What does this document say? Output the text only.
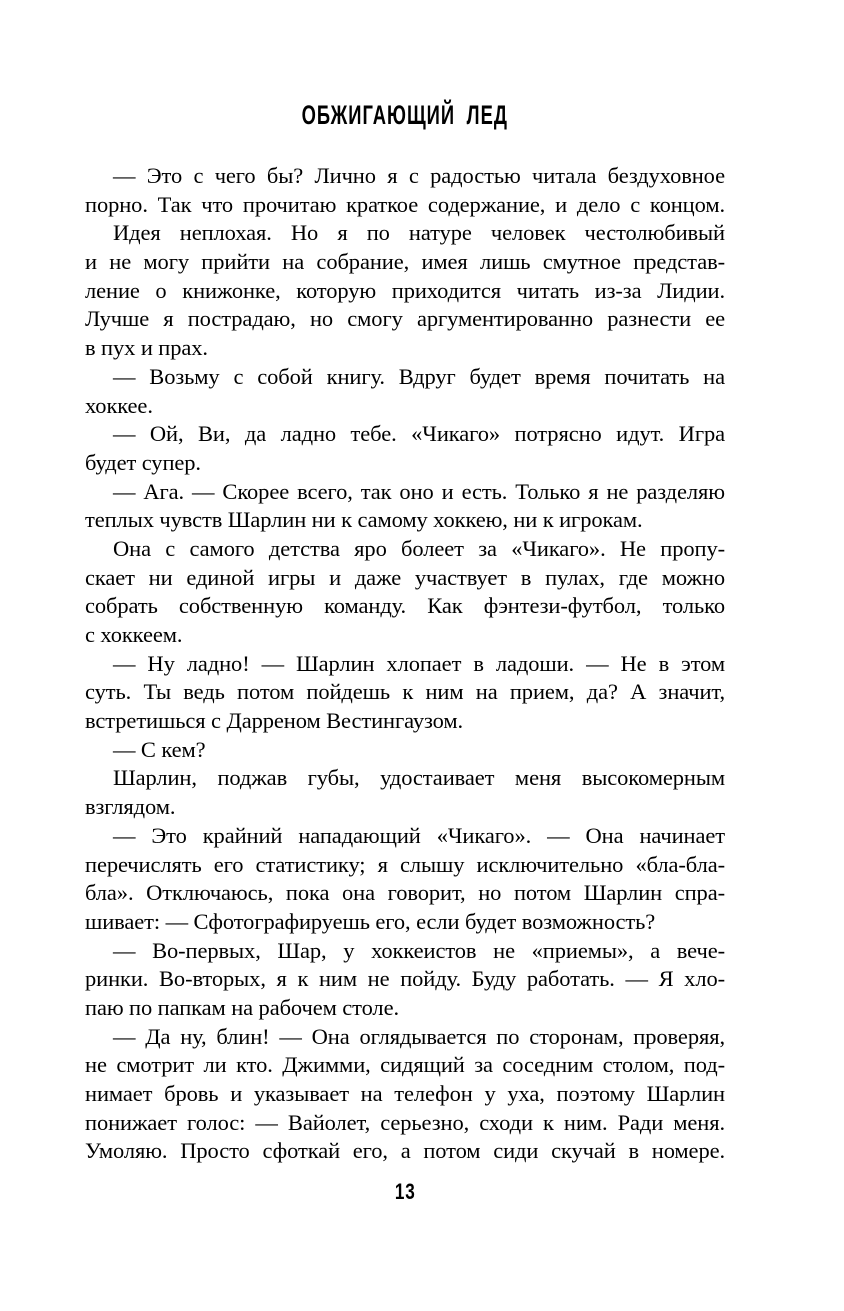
ОБЖИГАЮЩИЙ ЛЕД
— Это с чего бы? Лично я с радостью читала бездуховное
порно. Так что прочитаю краткое содержание, и дело с концом.
Идея неплохая. Но я по натуре человек честолюбивый
и не могу прийти на собрание, имея лишь смутное представ-
ление о книжонке, которую приходится читать из-за Лидии.
Лучше я пострадаю, но смогу аргументированно разнести ее
в пух и прах.
— Возьму с собой книгу. Вдруг будет время почитать на
хоккее.
— Ой, Ви, да ладно тебе. «Чикаго» потрясно идут. Игра
будет супер.
— Ага. — Скорее всего, так оно и есть. Только я не разделяю
теплых чувств Шарлин ни к самому хоккею, ни к игрокам.
Она с самого детства яро болеет за «Чикаго». Не пропу-
скает ни единой игры и даже участвует в пулах, где можно
собрать собственную команду. Как фэнтези-футбол, только
с хоккеем.
— Ну ладно! — Шарлин хлопает в ладоши. — Не в этом
суть. Ты ведь потом пойдешь к ним на прием, да? А значит,
встретишься с Дарреном Вестингаузом.
— С кем?
Шарлин, поджав губы, удостаивает меня высокомерным
взглядом.
— Это крайний нападающий «Чикаго». — Она начинает
перечислять его статистику; я слышу исключительно «бла-бла-
бла». Отключаюсь, пока она говорит, но потом Шарлин спра-
шивает: — Сфотографируешь его, если будет возможность?
— Во-первых, Шар, у хоккеистов не «приемы», а вече-
ринки. Во-вторых, я к ним не пойду. Буду работать. — Я хло-
паю по папкам на рабочем столе.
— Да ну, блин! — Она оглядывается по сторонам, проверяя,
не смотрит ли кто. Джимми, сидящий за соседним столом, под-
нимает бровь и указывает на телефон у уха, поэтому Шарлин
понижает голос: — Вайолет, серьезно, сходи к ним. Ради меня.
Умоляю. Просто сфоткай его, а потом сиди скучай в номере.
13
